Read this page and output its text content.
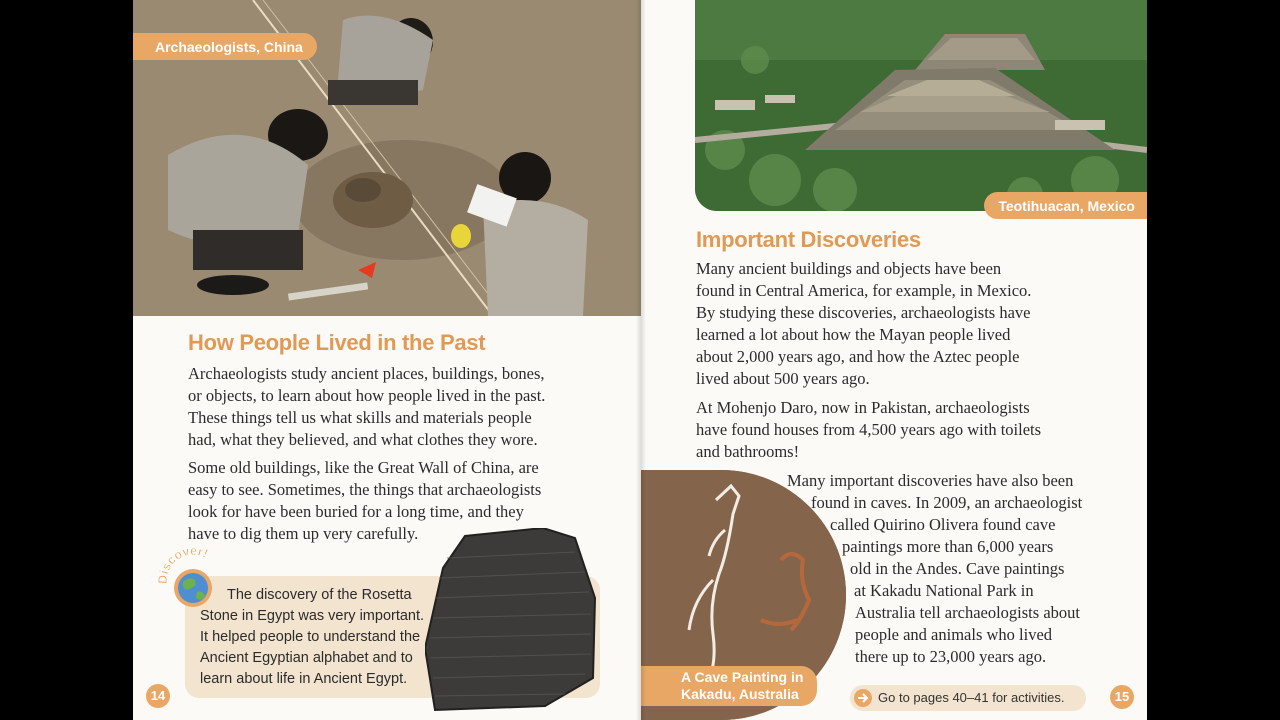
Archaeologists, China
How People Lived in the Past
Archaeologists study ancient places, buildings, bones,
or objects, to learn about how people lived in the past.
These things tell us what skills and materials people
had, what they believed, and what clothes they wore.
Some old buildings, like the Great Wall of China, are
easy to see. Sometimes, the things that archaeologists
look for have been buried for a long time, and they
have to dig them up very carefully.
The discovery of the Rosetta
Stone in Egypt was very important.
It helped people to understand the
Ancient Egyptian alphabet and to
learn about life in Ancient Egypt.
Discover!
14
Teotihuacan, Mexico
Important Discoveries
Many ancient buildings and objects have been
found in Central America, for example, in Mexico.
By studying these discoveries, archaeologists have
learned a lot about how the Mayan people lived
about 2,000 years ago, and how the Aztec people
lived about 500 years ago.
At Mohenjo Daro, now in Pakistan, archaeologists
have found houses from 4,500 years ago with toilets
and bathrooms!
A Cave Painting in
Kakadu, Australia
Many important discoveries have also been
found in caves. In 2009, an archaeologist
called Quirino Olivera found cave
paintings more than 6,000 years
old in the Andes. Cave paintings
at Kakadu National Park in
Australia tell archaeologists about
people and animals who lived
there up to 23,000 years ago.
Go to pages 40–41 for activities.	15
